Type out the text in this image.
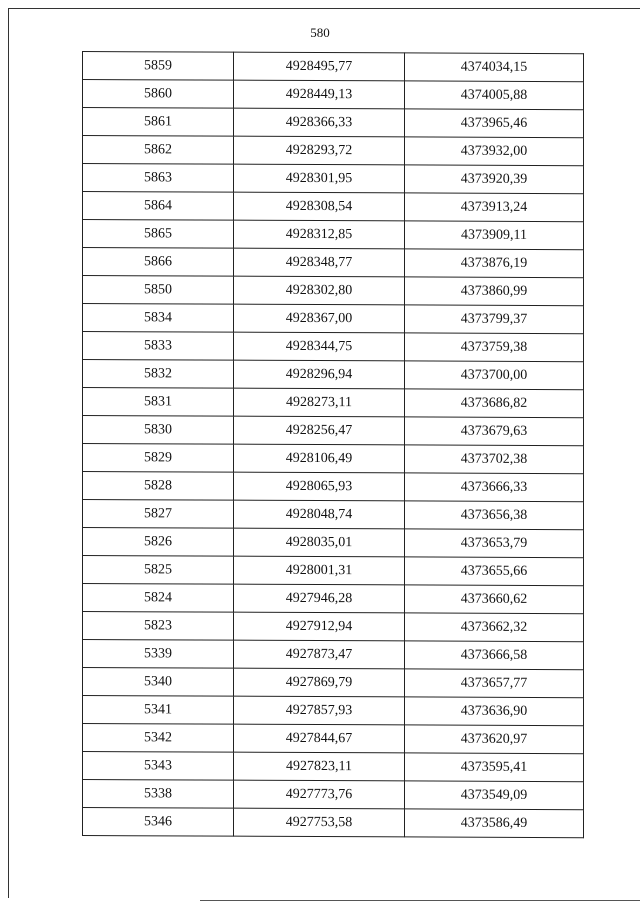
580
5859	4928495,77	4374034,15
5860	4928449,13	4374005,88
5861	4928366,33	4373965,46
5862	4928293,72	4373932,00
5863	4928301,95	4373920,39
5864	4928308,54	4373913,24
5865	4928312,85	4373909,11
5866	4928348,77	4373876,19
5850	4928302,80	4373860,99
5834	4928367,00	4373799,37
5833	4928344,75	4373759,38
5832	4928296,94	4373700,00
5831	4928273,11	4373686,82
5830	4928256,47	4373679,63
5829	4928106,49	4373702,38
5828	4928065,93	4373666,33
5827	4928048,74	4373656,38
5826	4928035,01	4373653,79
5825	4928001,31	4373655,66
5824	4927946,28	4373660,62
5823	4927912,94	4373662,32
5339	4927873,47	4373666,58
5340	4927869,79	4373657,77
5341	4927857,93	4373636,90
5342	4927844,67	4373620,97
5343	4927823,11	4373595,41
5338	4927773,76	4373549,09
5346	4927753,58	4373586,49
